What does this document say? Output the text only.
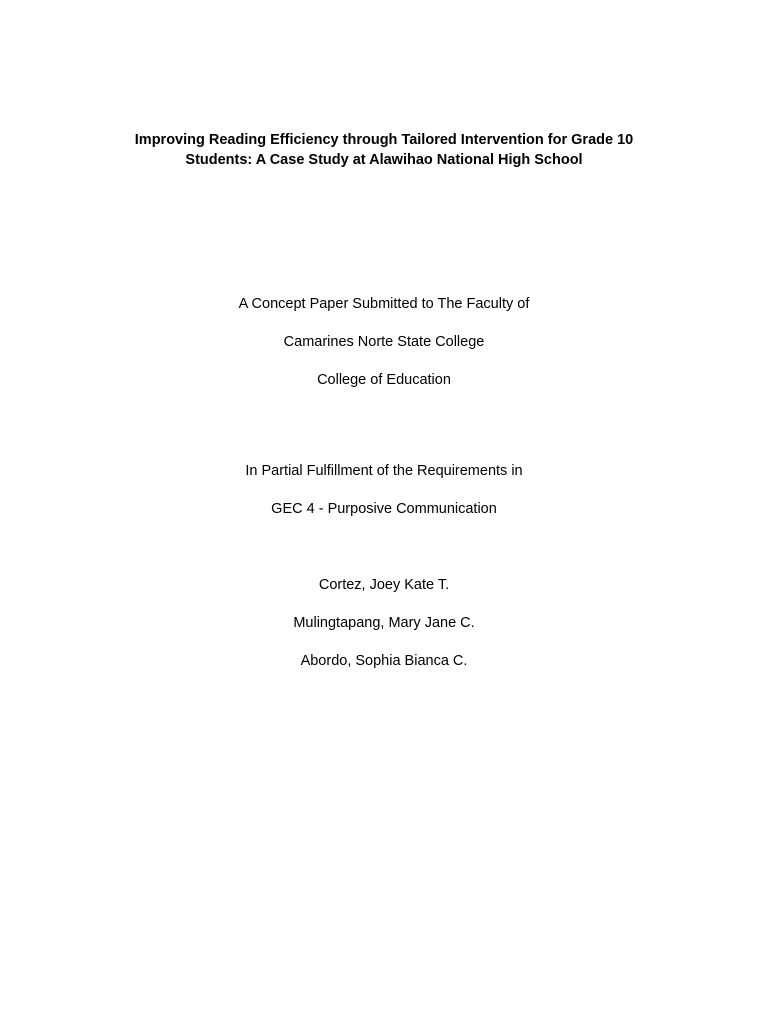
Improving Reading Efficiency through Tailored Intervention for Grade 10
Students: A Case Study at Alawihao National High School
A Concept Paper Submitted to The Faculty of
Camarines Norte State College
College of Education
In Partial Fulfillment of the Requirements in
GEC 4 - Purposive Communication
Cortez, Joey Kate T.
Mulingtapang, Mary Jane C.
Abordo, Sophia Bianca C.
